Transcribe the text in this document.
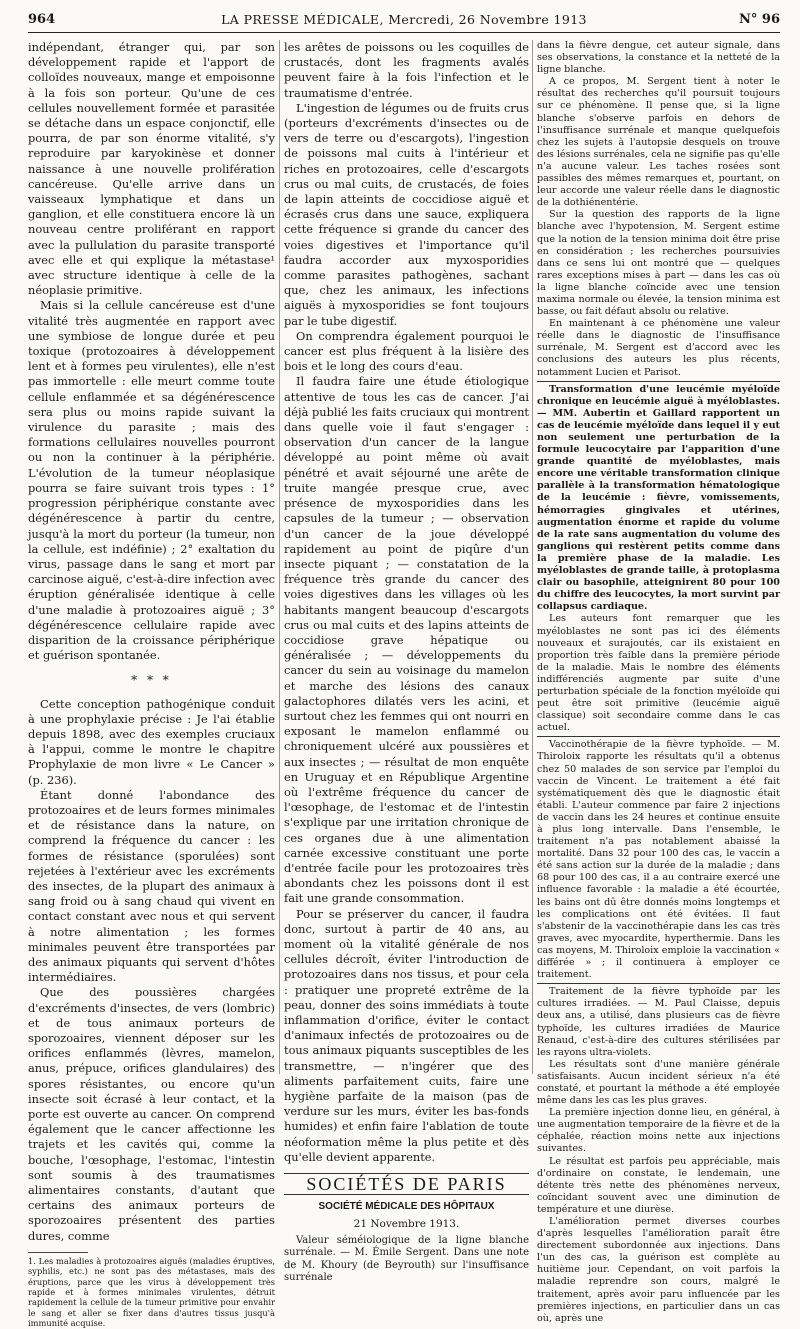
964	LA PRESSE MÉDICALE, Mercredi, 26 Novembre 1913	N° 96

indépendant, étranger qui, par son développement rapide et l'apport de colloïdes nouveaux, mange et empoisonne à la fois son porteur. Qu'une de ces cellules nouvellement formée et parasitée se détache dans un espace conjonctif, elle pourra, de par son énorme vitalité, s'y reproduire par karyokinèse et donner naissance à une nouvelle prolifération cancéreuse. Qu'elle arrive dans un vaisseaux lymphatique et dans un ganglion, et elle constituera encore là un nouveau centre proliférant en rapport avec la pullulation du parasite transporté avec elle et qui explique la métastase¹ avec structure identique à celle de la néoplasie primitive.

Mais si la cellule cancéreuse est d'une vitalité très augmentée en rapport avec une symbiose de longue durée et peu toxique (protozoaires à développement lent et à formes peu virulentes), elle n'est pas immortelle : elle meurt comme toute cellule enflammée et sa dégénérescence sera plus ou moins rapide suivant la virulence du parasite ; mais des formations cellulaires nouvelles pourront ou non la continuer à la périphérie. L'évolution de la tumeur néoplasique pourra se faire suivant trois types : 1° progression périphérique constante avec dégénérescence à partir du centre, jusqu'à la mort du porteur (la tumeur, non la cellule, est indéfinie) ; 2° exaltation du virus, passage dans le sang et mort par carcinose aiguë, c'est-à-dire infection avec éruption généralisée identique à celle d'une maladie à protozoaires aiguë ; 3° dégénérescence cellulaire rapide avec disparition de la croissance périphérique et guérison spontanée.

* * *

Cette conception pathogénique conduit à une prophylaxie précise : Je l'ai établie depuis 1898, avec des exemples cruciaux à l'appui, comme le montre le chapitre Prophylaxie de mon livre « Le Cancer » (p. 236).

Étant donné l'abondance des protozoaires et de leurs formes minimales et de résistance dans la nature, on comprend la fréquence du cancer : les formes de résistance (sporulées) sont rejetées à l'extérieur avec les excréments des insectes, de la plupart des animaux à sang froid ou à sang chaud qui vivent en contact constant avec nous et qui servent à notre alimentation ; les formes minimales peuvent être transportées par des animaux piquants qui servent d'hôtes intermédiaires.

Que des poussières chargées d'excréments d'insectes, de vers (lombric) et de tous animaux porteurs de sporozoaires, viennent déposer sur les orifices enflammés (lèvres, mamelon, anus, prépuce, orifices glandulaires) des spores résistantes, ou encore qu'un insecte soit écrasé à leur contact, et la porte est ouverte au cancer. On comprend également que le cancer affectionne les trajets et les cavités qui, comme la bouche, l'œsophage, l'estomac, l'intestin sont soumis à des traumatismes alimentaires constants, d'autant que certains des animaux porteurs de sporozoaires présentent des parties dures, comme

1. Les maladies à protozoaires aiguës (maladies éruptives, syphilis, etc.) ne sont pas des métastases, mais des éruptions, parce que les virus à développement très rapide et à formes minimales virulentes, détruit rapidement la cellule de la tumeur primitive pour envahir le sang et aller se fixer dans d'autres tissus jusqu'à immunité acquise.

les arêtes de poissons ou les coquilles de crustacés, dont les fragments avalés peuvent faire à la fois l'infection et le traumatisme d'entrée.

L'ingestion de légumes ou de fruits crus (porteurs d'excréments d'insectes ou de vers de terre ou d'escargots), l'ingestion de poissons mal cuits à l'intérieur et riches en protozoaires, celle d'escargots crus ou mal cuits, de crustacés, de foies de lapin atteints de coccidiose aiguë et écrasés crus dans une sauce, expliquera cette fréquence si grande du cancer des voies digestives et l'importance qu'il faudra accorder aux myxosporidies comme parasites pathogènes, sachant que, chez les animaux, les infections aiguës à myxosporidies se font toujours par le tube digestif.

On comprendra également pourquoi le cancer est plus fréquent à la lisière des bois et le long des cours d'eau.

Il faudra faire une étude étiologique attentive de tous les cas de cancer. J'ai déjà publié les faits cruciaux qui montrent dans quelle voie il faut s'engager : observation d'un cancer de la langue développé au point même où avait pénétré et avait séjourné une arête de truite mangée presque crue, avec présence de myxosporidies dans les capsules de la tumeur ; — observation d'un cancer de la joue développé rapidement au point de piqûre d'un insecte piquant ; — constatation de la fréquence très grande du cancer des voies digestives dans les villages où les habitants mangent beaucoup d'escargots crus ou mal cuits et des lapins atteints de coccidiose grave hépatique ou généralisée ; — développements du cancer du sein au voisinage du mamelon et marche des lésions des canaux galactophores dilatés vers les acini, et surtout chez les femmes qui ont nourri en exposant le mamelon enflammé ou chroniquement ulcéré aux poussières et aux insectes ; — résultat de mon enquête en Uruguay et en République Argentine où l'extrême fréquence du cancer de l'œsophage, de l'estomac et de l'intestin s'explique par une irritation chronique de ces organes due à une alimentation carnée excessive constituant une porte d'entrée facile pour les protozoaires très abondants chez les poissons dont il est fait une grande consommation.

Pour se préserver du cancer, il faudra donc, surtout à partir de 40 ans, au moment où la vitalité générale de nos cellules décroît, éviter l'introduction de protozoaires dans nos tissus, et pour cela : pratiquer une propreté extrême de la peau, donner des soins immédiats à toute inflammation d'orifice, éviter le contact d'animaux infectés de protozoaires ou de tous animaux piquants susceptibles de les transmettre, — n'ingérer que des aliments parfaitement cuits, faire une hygiène parfaite de la maison (pas de verdure sur les murs, éviter les bas-fonds humides) et enfin faire l'ablation de toute néoformation même la plus petite et dès qu'elle devient apparente.

SOCIÉTÉS DE PARIS
SOCIÉTÉ MÉDICALE DES HÔPITAUX
21 Novembre 1913.

Valeur séméiologique de la ligne blanche surrénale. — M. Émile Sergent. Dans une note de M. Khoury (de Beyrouth) sur l'insuffisance surrénale

dans la fièvre dengue, cet auteur signale, dans ses observations, la constance et la netteté de la ligne blanche.

A ce propos, M. Sergent tient à noter le résultat des recherches qu'il poursuit toujours sur ce phénomène. Il pense que, si la ligne blanche s'observe parfois en dehors de l'insuffisance surrénale et manque quelquefois chez les sujets à l'autopsie desquels on trouve des lésions surrénales, cela ne signifie pas qu'elle n'a aucune valeur. Les taches rosées sont passibles des mêmes remarques et, pourtant, on leur accorde une valeur réelle dans le diagnostic de la dothiénentérie.

Sur la question des rapports de la ligne blanche avec l'hypotension, M. Sergent estime que la notion de la tension minima doit être prise en considération ; les recherches poursuivies dans ce sens lui ont montré que — quelques rares exceptions mises à part — dans les cas où la ligne blanche coïncide avec une tension maxima normale ou élevée, la tension minima est basse, ou fait défaut absolu ou relative.

En maintenant à ce phénomène une valeur réelle dans le diagnostic de l'insuffisance surrénale, M. Sergent est d'accord avec les conclusions des auteurs les plus récents, notamment Lucien et Parisot.

Transformation d'une leucémie myéloïde chronique en leucémie aiguë à myéloblastes. — MM. Aubertin et Gaillard rapportent un cas de leucémie myéloïde dans lequel il y eut non seulement une perturbation de la formule leucocytaire par l'apparition d'une grande quantité de myéloblastes, mais encore une véritable transformation clinique parallèle à la transformation hématologique de la leucémie : fièvre, vomissements, hémorragies gingivales et utérines, augmentation énorme et rapide du volume de la rate sans augmentation du volume des ganglions qui restèrent petits comme dans la première phase de la maladie. Les myéloblastes de grande taille, à protoplasma clair ou basophile, atteignirent 80 pour 100 du chiffre des leucocytes, la mort survint par collapsus cardiaque.

Les auteurs font remarquer que les myéloblastes ne sont pas ici des éléments nouveaux et surajoutés, car ils existaient en proportion très faible dans la première période de la maladie. Mais le nombre des éléments indifférenciés augmente par suite d'une perturbation spéciale de la fonction myéloïde qui peut être soit primitive (leucémie aiguë classique) soit secondaire comme dans le cas actuel.

Vaccinothérapie de la fièvre typhoïde. — M. Thiroloix rapporte les résultats qu'il a obtenus chez 50 malades de son service par l'emploi du vaccin de Vincent. Le traitement a été fait systématiquement dès que le diagnostic était établi. L'auteur commence par faire 2 injections de vaccin dans les 24 heures et continue ensuite à plus long intervalle. Dans l'ensemble, le traitement n'a pas notablement abaissé la mortalité. Dans 32 pour 100 des cas, le vaccin a été sans action sur la durée de la maladie ; dans 68 pour 100 des cas, il a au contraire exercé une influence favorable : la maladie a été écourtée, les bains ont dû être donnés moins longtemps et les complications ont été évitées. Il faut s'abstenir de la vaccinothérapie dans les cas très graves, avec myocardite, hyperthermie. Dans les cas moyens, M. Thiroloix emploie la vaccination « différée » ; il continuera à employer ce traitement.

Traitement de la fièvre typhoïde par les cultures irradiées. — M. Paul Claisse, depuis deux ans, a utilisé, dans plusieurs cas de fièvre typhoïde, les cultures irradiées de Maurice Renaud, c'est-à-dire des cultures stérilisées par les rayons ultra-violets.

Les résultats sont d'une manière générale satisfaisants. Aucun incident sérieux n'a été constaté, et pourtant la méthode a été employée même dans les cas les plus graves.

La première injection donne lieu, en général, à une augmentation temporaire de la fièvre et de la céphalée, réaction moins nette aux injections suivantes.

Le résultat est parfois peu appréciable, mais d'ordinaire on constate, le lendemain, une détente très nette des phénomènes nerveux, coïncidant souvent avec une diminution de température et une diurèse.

L'amélioration permet diverses courbes d'après lesquelles l'amélioration paraît être directement subordonnée aux injections. Dans l'un des cas, la guérison est complète au huitième jour. Cependant, on voit parfois la maladie reprendre son cours, malgré le traitement, après avoir paru influencée par les premières injections, en particulier dans un cas où, après une
